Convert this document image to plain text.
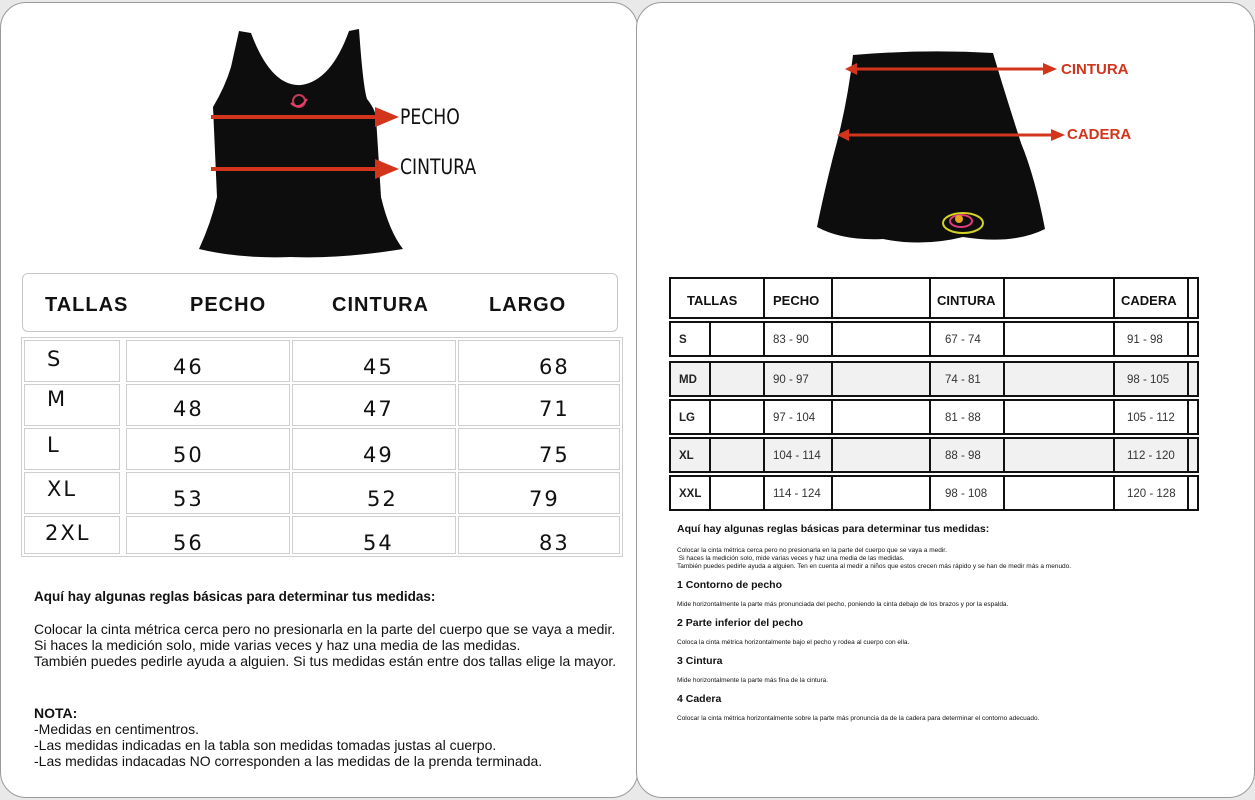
PECHO
CINTURA
TALLAS	PECHO	CINTURA	LARGO
S	46	45	68
M	48	47	71
L	50	49	75
XL	53	52	79
2XL	56	54	83
Aquí hay algunas reglas básicas para determinar tus medidas:
Colocar la cinta métrica cerca pero no presionarla en la parte del cuerpo que se vaya a medir.
Si haces la medición solo, mide varias veces y haz una media de las medidas.
También puedes pedirle ayuda a alguien. Si tus medidas están entre dos tallas elige la mayor.
NOTA:
-Medidas en centimentros.
-Las medidas indicadas en la tabla son medidas tomadas justas al cuerpo.
-Las medidas indacadas NO corresponden a las medidas de la prenda terminada.
CINTURA
CADERA
TALLAS	PECHO	CINTURA	CADERA
S	83 - 90	67 - 74	91 - 98
MD	90 - 97	74 - 81	98 - 105
LG	97 - 104	81 - 88	105 - 112
XL	104 - 114	88 - 98	112 - 120
XXL	114 - 124	98 - 108	120 - 128
Aquí hay algunas reglas básicas para determinar tus medidas:

Colocar la cinta métrica cerca pero no presionarla en la parte del cuerpo que se vaya a medir.

Si haces la medición solo, mide varias veces y haz una media de las medidas.

También puedes pedirle ayuda a alguien. Ten en cuenta al medir a niños que estos crecen más rápido y se han de medir más a menudo.

1 Contorno de pecho

Mide horizontalmente la parte más pronunciada del pecho, poniendo la cinta debajo de los brazos y por la espalda.

2 Parte inferior del pecho

Coloca la cinta métrica horizontalmente bajo el pecho y rodea al cuerpo con ella.

3 Cintura

Mide horizontalmente la parte más fina de la cintura.

4 Cadera

Colocar la cinta métrica horizontalmente sobre la parte más pronuncia da de la cadera para determinar el contorno adecuado.
